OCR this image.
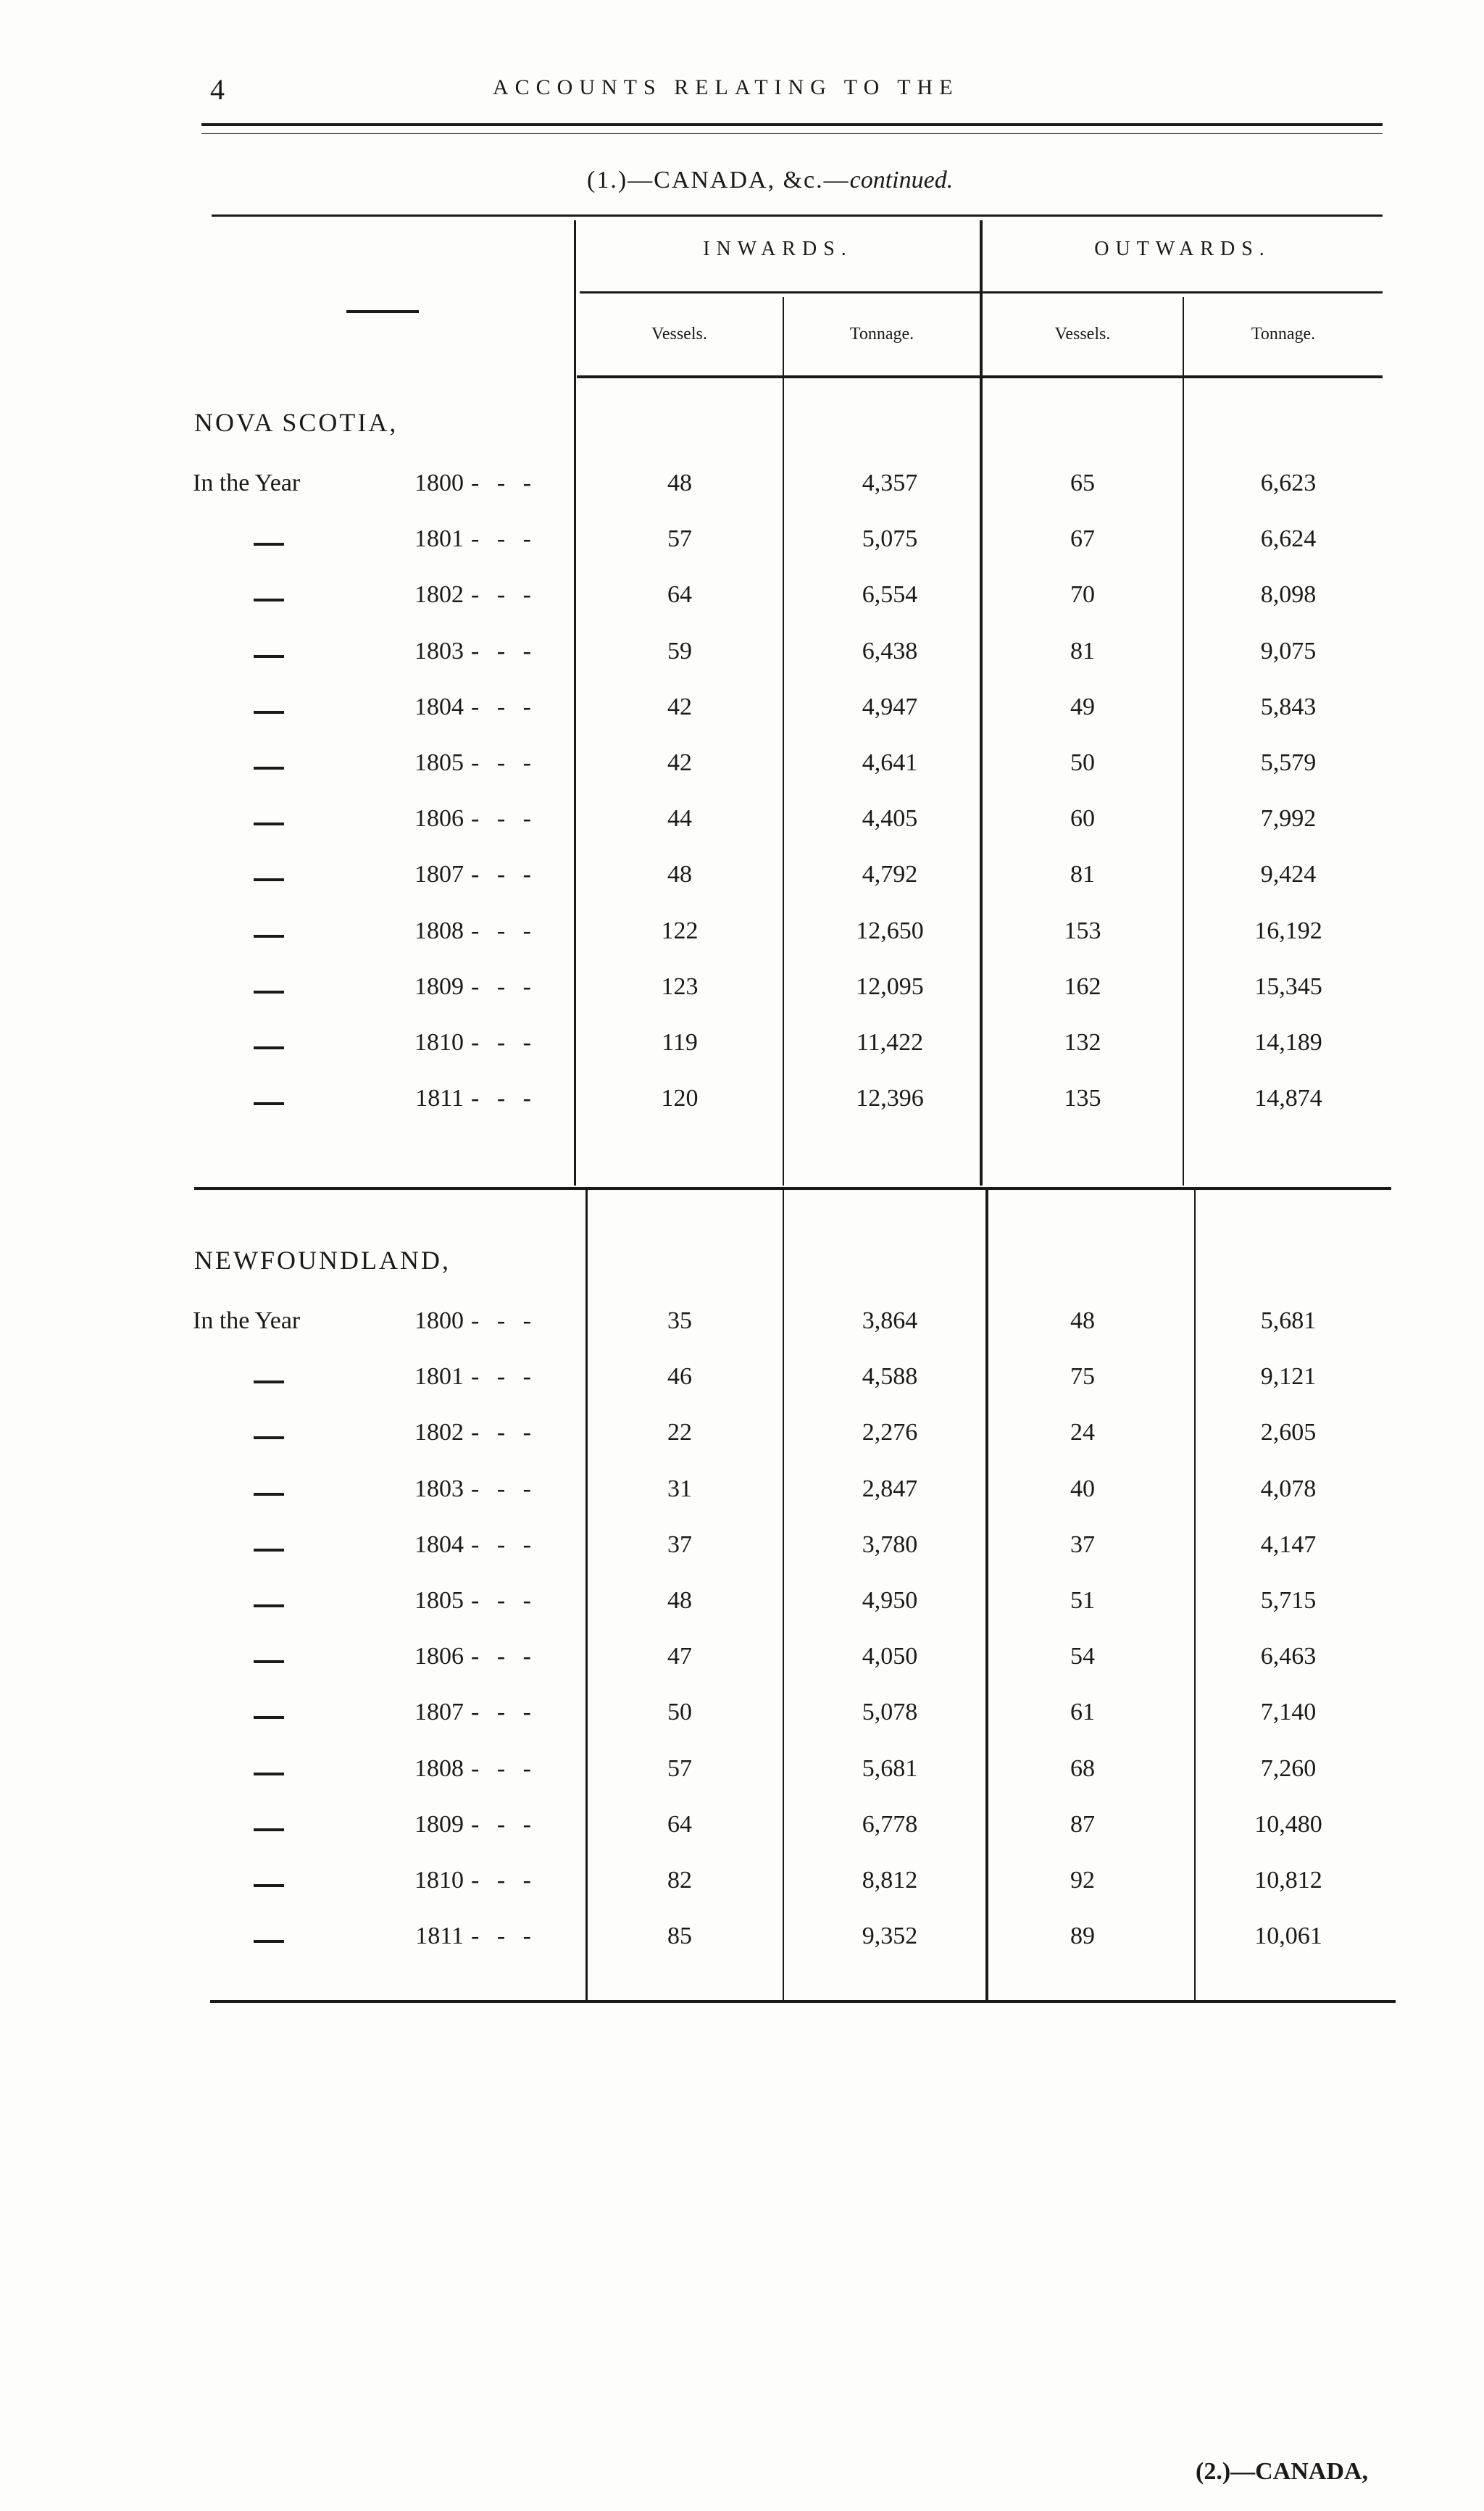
4	ACCOUNTS RELATING TO THE
(1.)—CANADA, &c.—continued.
INWARDS.	OUTWARDS.
Vessels.	Tonnage.	Vessels.	Tonnage.
NOVA SCOTIA,
In the Year	1800 - - -	48	4,357	65	6,623
1801 - - -	57	5,075	67	6,624
1802 - - -	64	6,554	70	8,098
1803 - - -	59	6,438	81	9,075
1804 - - -	42	4,947	49	5,843
1805 - - -	42	4,641	50	5,579
1806 - - -	44	4,405	60	7,992
1807 - - -	48	4,792	81	9,424
1808 - - -	122	12,650	153	16,192
1809 - - -	123	12,095	162	15,345
1810 - - -	119	11,422	132	14,189
1811 - - -	120	12,396	135	14,874
NEWFOUNDLAND,
In the Year	1800 - - -	35	3,864	48	5,681
1801 - - -	46	4,588	75	9,121
1802 - - -	22	2,276	24	2,605
1803 - - -	31	2,847	40	4,078
1804 - - -	37	3,780	37	4,147
1805 - - -	48	4,950	51	5,715
1806 - - -	47	4,050	54	6,463
1807 - - -	50	5,078	61	7,140
1808 - - -	57	5,681	68	7,260
1809 - - -	64	6,778	87	10,480
1810 - - -	82	8,812	92	10,812
1811 - - -	85	9,352	89	10,061
(2.)—CANADA,
